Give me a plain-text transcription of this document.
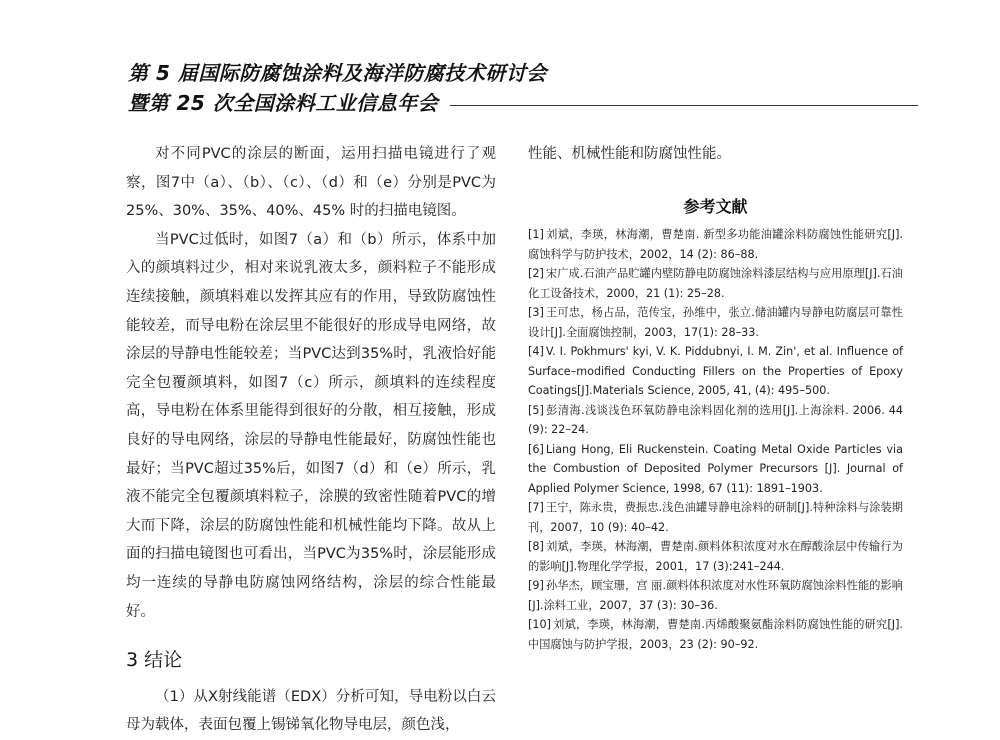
第 5 届国际防腐蚀涂料及海洋防腐技术研讨会
暨第 25 次全国涂料工业信息年会

对不同PVC的涂层的断面，运用扫描电镜进行了观察，图7中（a）、（b）、（c）、（d）和（e）分别是PVC为25%、30%、35%、40%、45% 时的扫描电镜图。

当PVC过低时，如图7（a）和（b）所示，体系中加入的颜填料过少，相对来说乳液太多，颜料粒子不能形成连续接触，颜填料难以发挥其应有的作用，导致防腐蚀性能较差，而导电粉在涂层里不能很好的形成导电网络，故涂层的导静电性能较差；当PVC达到35%时，乳液恰好能完全包覆颜填料，如图7（c）所示，颜填料的连续程度高，导电粉在体系里能得到很好的分散，相互接触，形成良好的导电网络，涂层的导静电性能最好，防腐蚀性能也最好；当PVC超过35%后，如图7（d）和（e）所示，乳液不能完全包覆颜填料粒子，涂膜的致密性随着PVC的增大而下降，涂层的防腐蚀性能和机械性能均下降。故从上面的扫描电镜图也可看出，当PVC为35%时，涂层能形成均一连续的导静电防腐蚀网络结构，涂层的综合性能最好。

3 结论

（1）从X射线能谱（EDX）分析可知，导电粉以白云母为载体，表面包覆上锡锑氧化物导电层，颜色浅，

性能、机械性能和防腐蚀性能。

参考文献
[1] 刘斌，李瑛，林海潮，曹楚南. 新型多功能油罐涂料防腐蚀性能研究[J].腐蚀科学与防护技术，2002，14 (2): 86–88.
[2] 宋广成.石油产品贮罐内壁防静电防腐蚀涂料漆层结构与应用原理[J].石油化工设备技术，2000，21 (1): 25–28.
[3] 王可忠，杨占品，范传宝，孙维中，张立.储油罐内导静电防腐层可靠性设计[J].全面腐蚀控制，2003，17(1): 28–33.
[4] V. I. Pokhmurs' kyi, V. K. Piddubnyi, I. M. Zin', et al. Influence of Surface–modified Conducting Fillers on the Properties of Epoxy Coatings[J].Materials Science, 2005, 41, (4): 495–500.
[5] 彭清海.浅谈浅色环氧防静电涂料固化剂的选用[J].上海涂料. 2006. 44 (9): 22–24.
[6] Liang Hong, Eli Ruckenstein. Coating Metal Oxide Particles via the Combustion of Deposited Polymer Precursors [J]. Journal of Applied Polymer Science, 1998, 67 (11): 1891–1903.
[7] 王宁，陈永贵，费振忠.浅色油罐导静电涂料的研制[J].特种涂料与涂装期刊，2007，10 (9): 40–42.
[8] 刘斌，李瑛，林海潮，曹楚南.颜料体积浓度对水在醇酸涂层中传输行为的影响[J].物理化学学报，2001，17 (3):241–244.
[9] 孙华杰，顾宝珊，宫 丽.颜料体积浓度对水性环氧防腐蚀涂料性能的影响[J].涂料工业，2007，37 (3): 30–36.
[10] 刘斌，李瑛，林海潮，曹楚南.丙烯酸聚氨酯涂料防腐蚀性能的研究[J].中国腐蚀与防护学报，2003，23 (2): 90–92.
